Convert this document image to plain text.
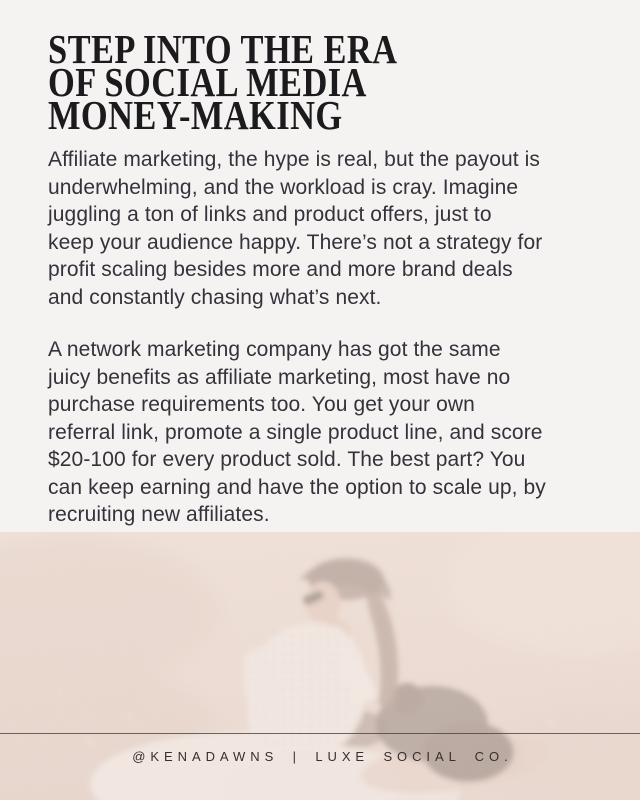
STEP INTO THE ERA
OF SOCIAL MEDIA
MONEY-MAKING

Affiliate marketing, the hype is real, but the payout is
underwhelming, and the workload is cray. Imagine
juggling a ton of links and product offers, just to
keep your audience happy. There’s not a strategy for
profit scaling besides more and more brand deals
and constantly chasing what’s next.

A network marketing company has got the same
juicy benefits as affiliate marketing, most have no
purchase requirements too. You get your own
referral link, promote a single product line, and score
$20-100 for every product sold. The best part? You
can keep earning and have the option to scale up, by
recruiting new affiliates.

@KENADAWNS | LUXE SOCIAL CO.
